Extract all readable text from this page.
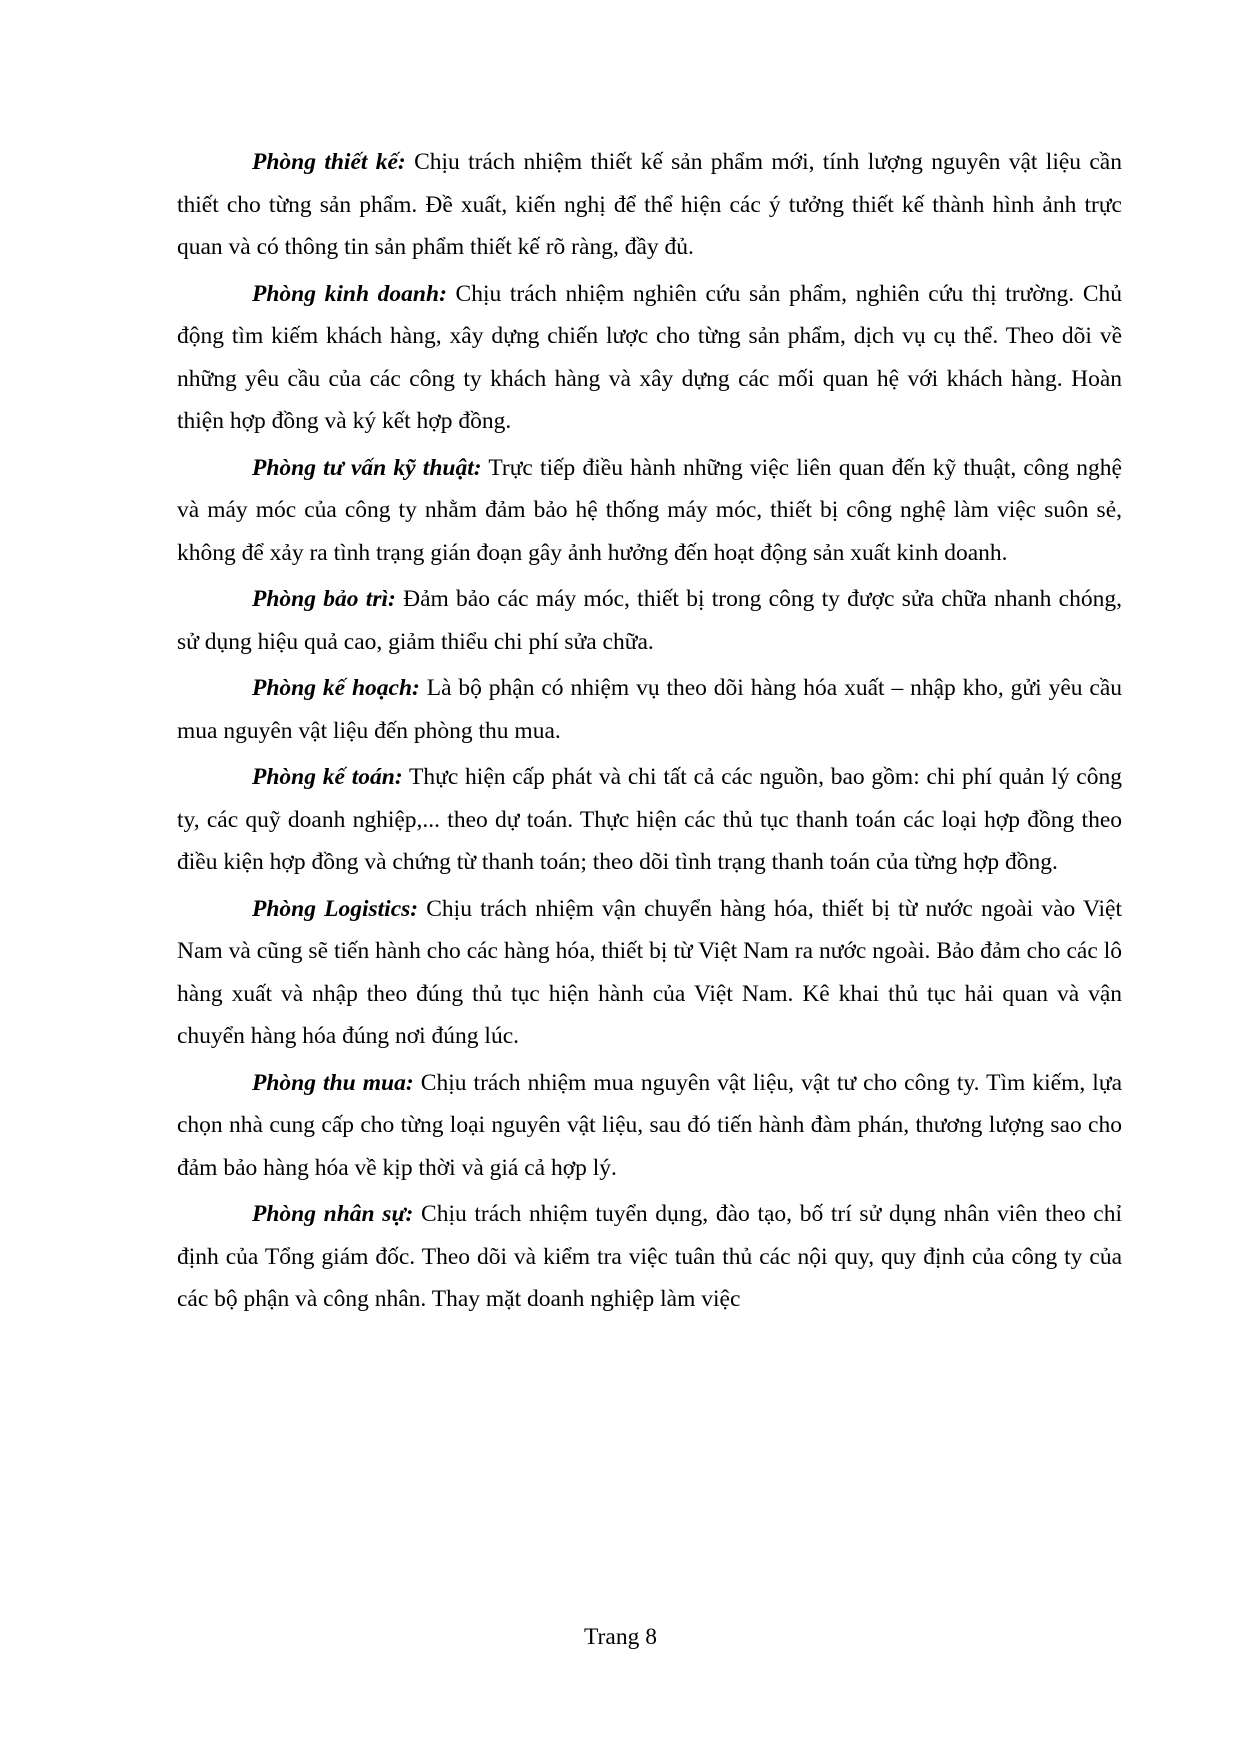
Phòng thiết kế: Chịu trách nhiệm thiết kế sản phẩm mới, tính lượng nguyên vật liệu cần thiết cho từng sản phẩm. Đề xuất, kiến nghị để thể hiện các ý tưởng thiết kế thành hình ảnh trực quan và có thông tin sản phẩm thiết kế rõ ràng, đầy đủ.

Phòng kinh doanh: Chịu trách nhiệm nghiên cứu sản phẩm, nghiên cứu thị trường. Chủ động tìm kiếm khách hàng, xây dựng chiến lược cho từng sản phẩm, dịch vụ cụ thể. Theo dõi về những yêu cầu của các công ty khách hàng và xây dựng các mối quan hệ với khách hàng. Hoàn thiện hợp đồng và ký kết hợp đồng.

Phòng tư vấn kỹ thuật: Trực tiếp điều hành những việc liên quan đến kỹ thuật, công nghệ và máy móc của công ty nhằm đảm bảo hệ thống máy móc, thiết bị công nghệ làm việc suôn sẻ, không để xảy ra tình trạng gián đoạn gây ảnh hưởng đến hoạt động sản xuất kinh doanh.

Phòng bảo trì: Đảm bảo các máy móc, thiết bị trong công ty được sửa chữa nhanh chóng, sử dụng hiệu quả cao, giảm thiểu chi phí sửa chữa.

Phòng kế hoạch: Là bộ phận có nhiệm vụ theo dõi hàng hóa xuất – nhập kho, gửi yêu cầu mua nguyên vật liệu đến phòng thu mua.

Phòng kế toán: Thực hiện cấp phát và chi tất cả các nguồn, bao gồm: chi phí quản lý công ty, các quỹ doanh nghiệp,... theo dự toán. Thực hiện các thủ tục thanh toán các loại hợp đồng theo điều kiện hợp đồng và chứng từ thanh toán; theo dõi tình trạng thanh toán của từng hợp đồng.

Phòng Logistics: Chịu trách nhiệm vận chuyển hàng hóa, thiết bị từ nước ngoài vào Việt Nam và cũng sẽ tiến hành cho các hàng hóa, thiết bị từ Việt Nam ra nước ngoài. Bảo đảm cho các lô hàng xuất và nhập theo đúng thủ tục hiện hành của Việt Nam. Kê khai thủ tục hải quan và vận chuyển hàng hóa đúng nơi đúng lúc.

Phòng thu mua: Chịu trách nhiệm mua nguyên vật liệu, vật tư cho công ty. Tìm kiếm, lựa chọn nhà cung cấp cho từng loại nguyên vật liệu, sau đó tiến hành đàm phán, thương lượng sao cho đảm bảo hàng hóa về kịp thời và giá cả hợp lý.

Phòng nhân sự: Chịu trách nhiệm tuyển dụng, đào tạo, bố trí sử dụng nhân viên theo chỉ định của Tổng giám đốc. Theo dõi và kiểm tra việc tuân thủ các nội quy, quy định của công ty của các bộ phận và công nhân. Thay mặt doanh nghiệp làm việc

Trang 8
